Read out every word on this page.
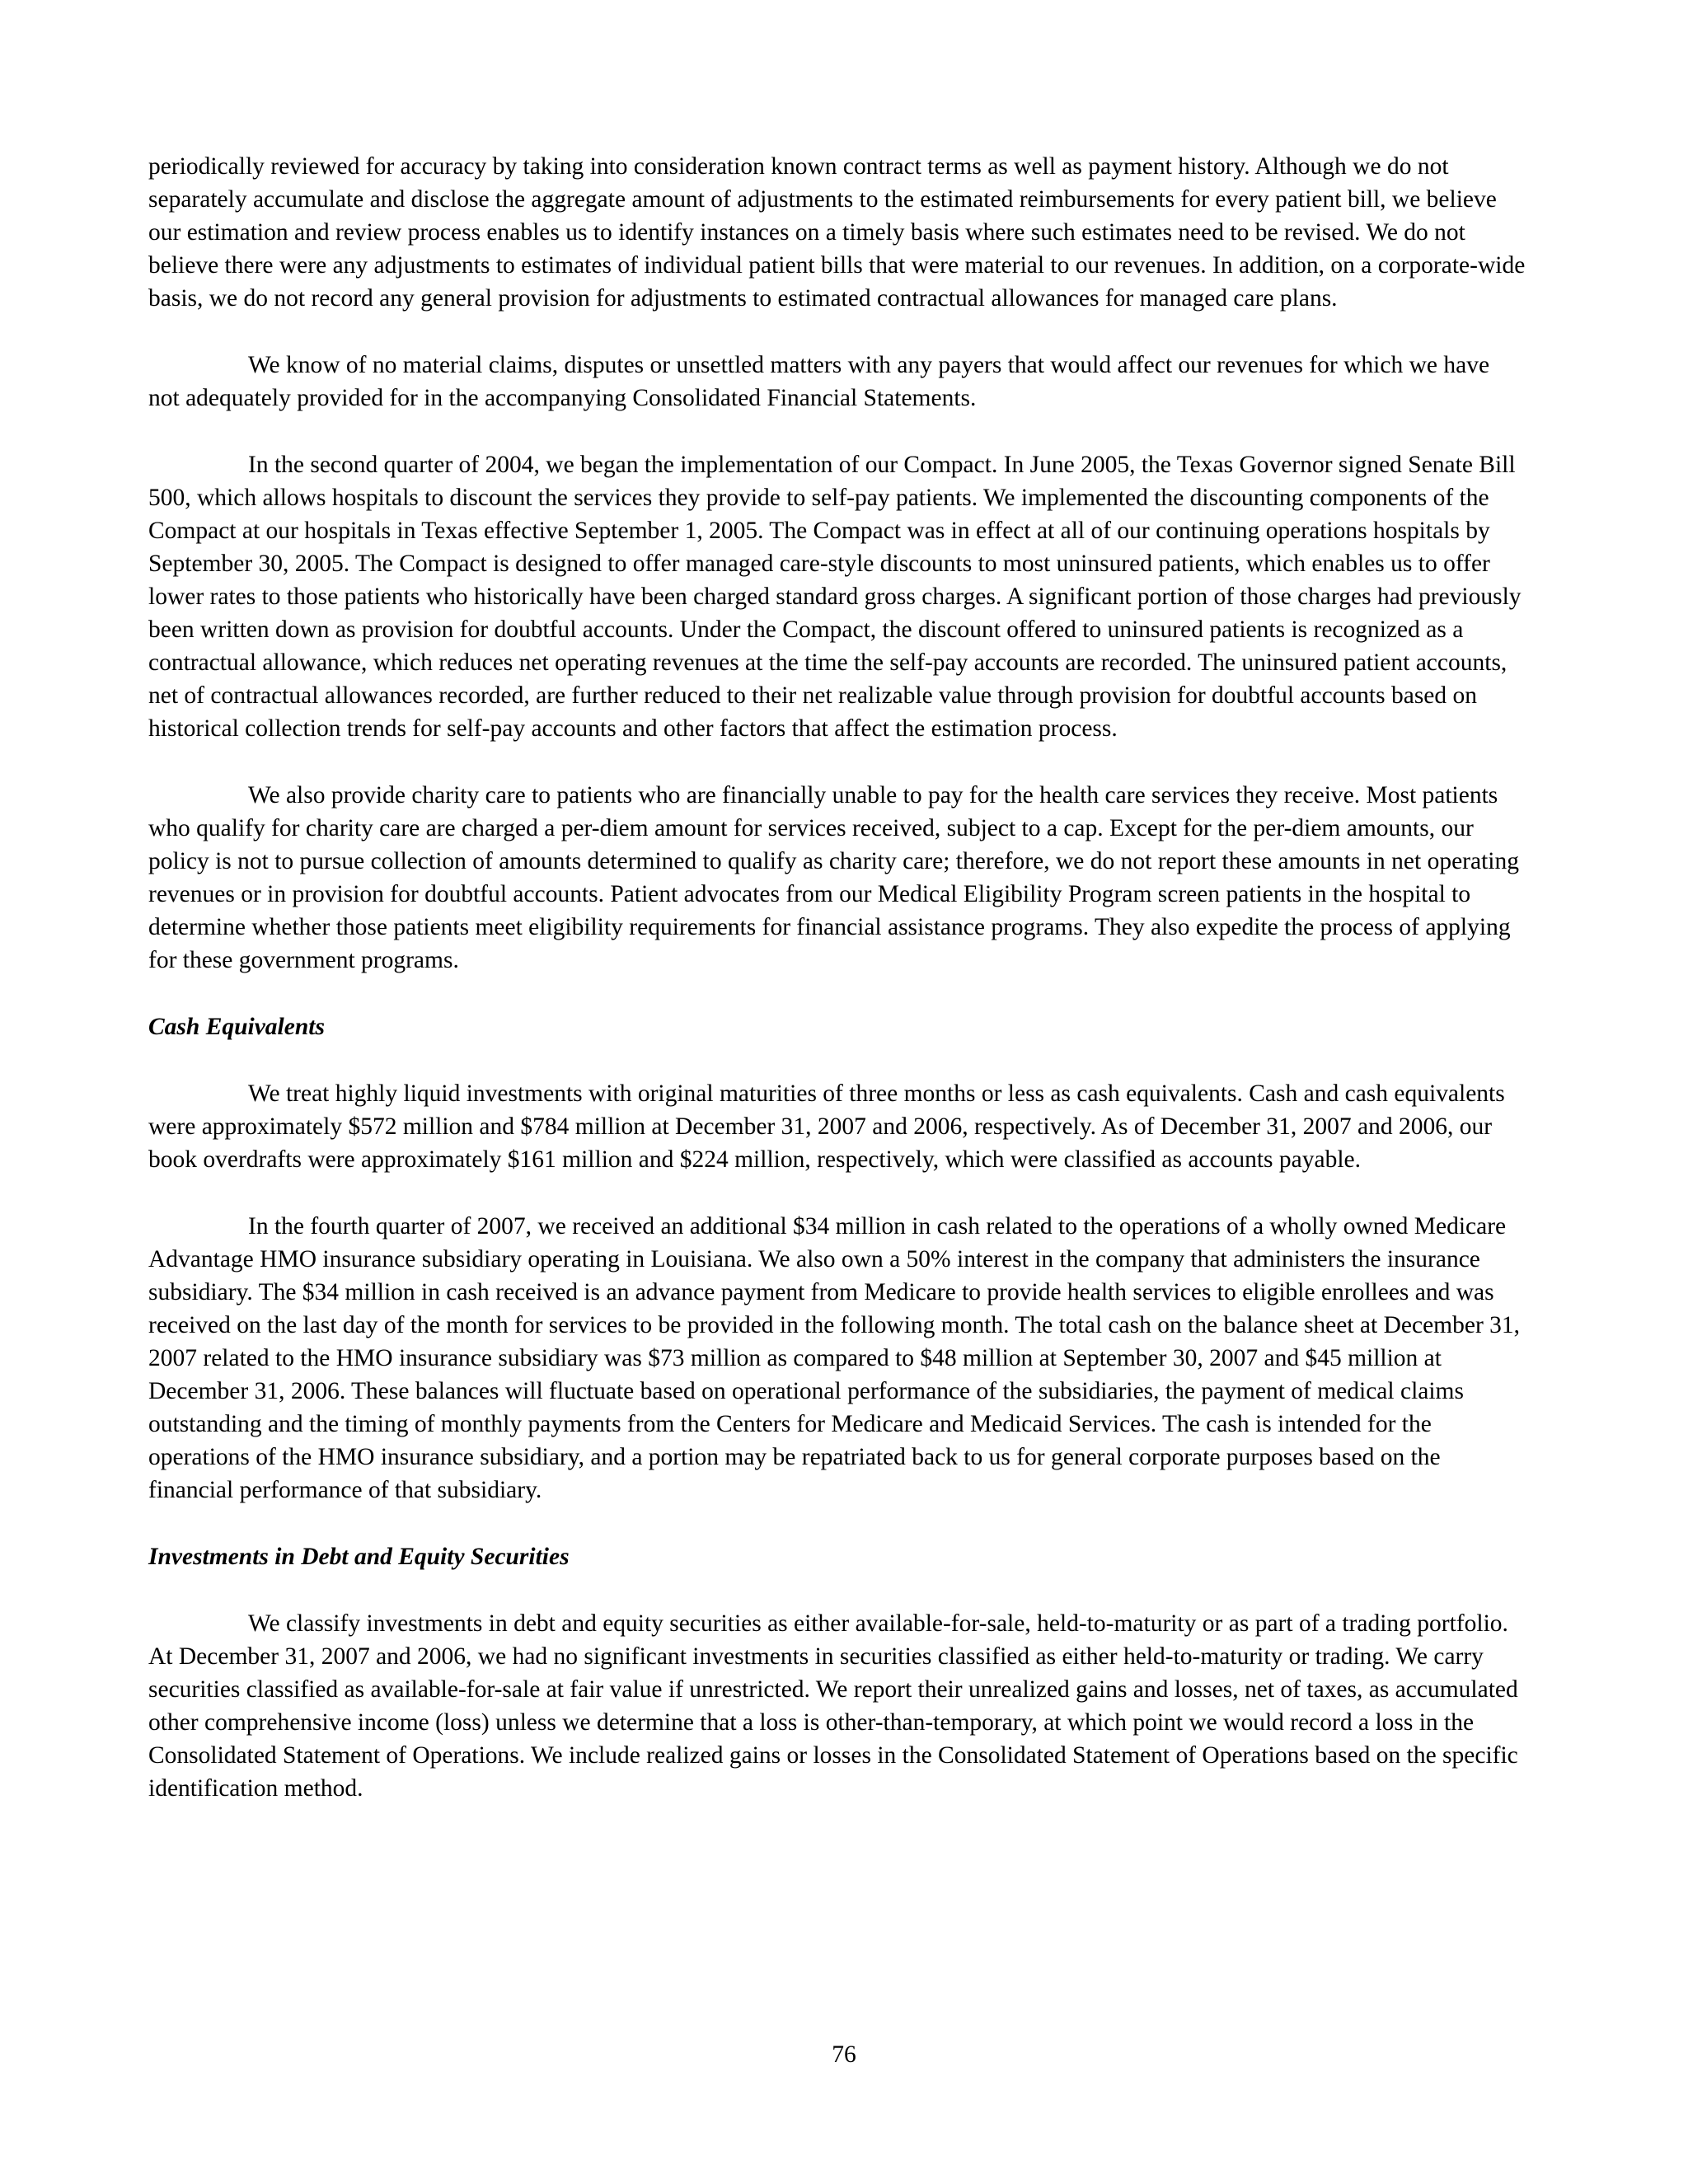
periodically reviewed for accuracy by taking into consideration known contract terms as well as payment history. Although we do not separately accumulate and disclose the aggregate amount of adjustments to the estimated reimbursements for every patient bill, we believe our estimation and review process enables us to identify instances on a timely basis where such estimates need to be revised. We do not believe there were any adjustments to estimates of individual patient bills that were material to our revenues. In addition, on a corporate-wide basis, we do not record any general provision for adjustments to estimated contractual allowances for managed care plans.

We know of no material claims, disputes or unsettled matters with any payers that would affect our revenues for which we have not adequately provided for in the accompanying Consolidated Financial Statements.

In the second quarter of 2004, we began the implementation of our Compact. In June 2005, the Texas Governor signed Senate Bill 500, which allows hospitals to discount the services they provide to self-pay patients. We implemented the discounting components of the Compact at our hospitals in Texas effective September 1, 2005. The Compact was in effect at all of our continuing operations hospitals by September 30, 2005. The Compact is designed to offer managed care-style discounts to most uninsured patients, which enables us to offer lower rates to those patients who historically have been charged standard gross charges. A significant portion of those charges had previously been written down as provision for doubtful accounts. Under the Compact, the discount offered to uninsured patients is recognized as a contractual allowance, which reduces net operating revenues at the time the self-pay accounts are recorded. The uninsured patient accounts, net of contractual allowances recorded, are further reduced to their net realizable value through provision for doubtful accounts based on historical collection trends for self-pay accounts and other factors that affect the estimation process.

We also provide charity care to patients who are financially unable to pay for the health care services they receive. Most patients who qualify for charity care are charged a per-diem amount for services received, subject to a cap. Except for the per-diem amounts, our policy is not to pursue collection of amounts determined to qualify as charity care; therefore, we do not report these amounts in net operating revenues or in provision for doubtful accounts. Patient advocates from our Medical Eligibility Program screen patients in the hospital to determine whether those patients meet eligibility requirements for financial assistance programs. They also expedite the process of applying for these government programs.

Cash Equivalents

We treat highly liquid investments with original maturities of three months or less as cash equivalents. Cash and cash equivalents were approximately $572 million and $784 million at December 31, 2007 and 2006, respectively. As of December 31, 2007 and 2006, our book overdrafts were approximately $161 million and $224 million, respectively, which were classified as accounts payable.

In the fourth quarter of 2007, we received an additional $34 million in cash related to the operations of a wholly owned Medicare Advantage HMO insurance subsidiary operating in Louisiana. We also own a 50% interest in the company that administers the insurance subsidiary. The $34 million in cash received is an advance payment from Medicare to provide health services to eligible enrollees and was received on the last day of the month for services to be provided in the following month. The total cash on the balance sheet at December 31, 2007 related to the HMO insurance subsidiary was $73 million as compared to $48 million at September 30, 2007 and $45 million at December 31, 2006. These balances will fluctuate based on operational performance of the subsidiaries, the payment of medical claims outstanding and the timing of monthly payments from the Centers for Medicare and Medicaid Services. The cash is intended for the operations of the HMO insurance subsidiary, and a portion may be repatriated back to us for general corporate purposes based on the financial performance of that subsidiary.

Investments in Debt and Equity Securities

We classify investments in debt and equity securities as either available-for-sale, held-to-maturity or as part of a trading portfolio. At December 31, 2007 and 2006, we had no significant investments in securities classified as either held-to-maturity or trading. We carry securities classified as available-for-sale at fair value if unrestricted. We report their unrealized gains and losses, net of taxes, as accumulated other comprehensive income (loss) unless we determine that a loss is other-than-temporary, at which point we would record a loss in the Consolidated Statement of Operations. We include realized gains or losses in the Consolidated Statement of Operations based on the specific identification method.

76
